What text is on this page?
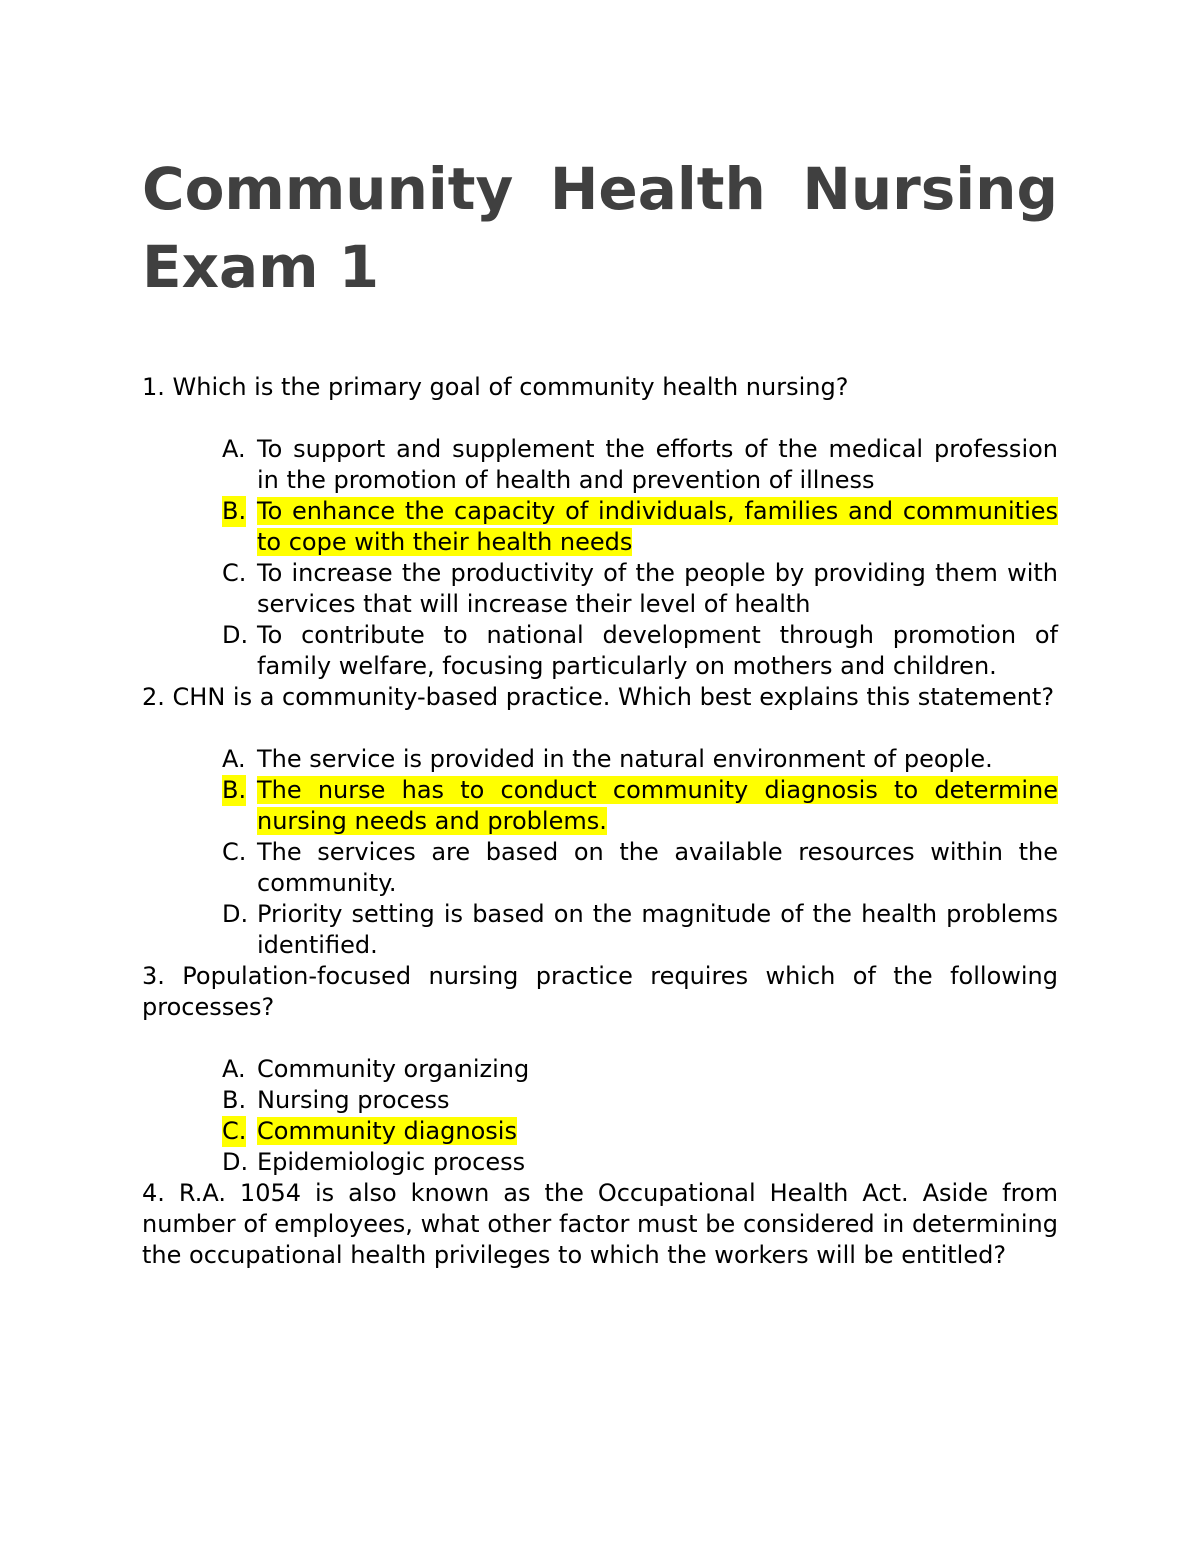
Community Health Nursing
Exam 1

1. Which is the primary goal of community health nursing?

A. To support and supplement the efforts of the medical profession in the promotion of health and prevention of illness
B. To enhance the capacity of individuals, families and communities to cope with their health needs
C. To increase the productivity of the people by providing them with services that will increase their level of health
D. To contribute to national development through promotion of family welfare, focusing particularly on mothers and children.

2. CHN is a community-based practice. Which best explains this statement?

A. The service is provided in the natural environment of people.
B. The nurse has to conduct community diagnosis to determine nursing needs and problems.
C. The services are based on the available resources within the community.
D. Priority setting is based on the magnitude of the health problems identified.

3. Population-focused nursing practice requires which of the following processes?

A. Community organizing
B. Nursing process
C. Community diagnosis
D. Epidemiologic process

4. R.A. 1054 is also known as the Occupational Health Act. Aside from number of employees, what other factor must be considered in determining the occupational health privileges to which the workers will be entitled?
